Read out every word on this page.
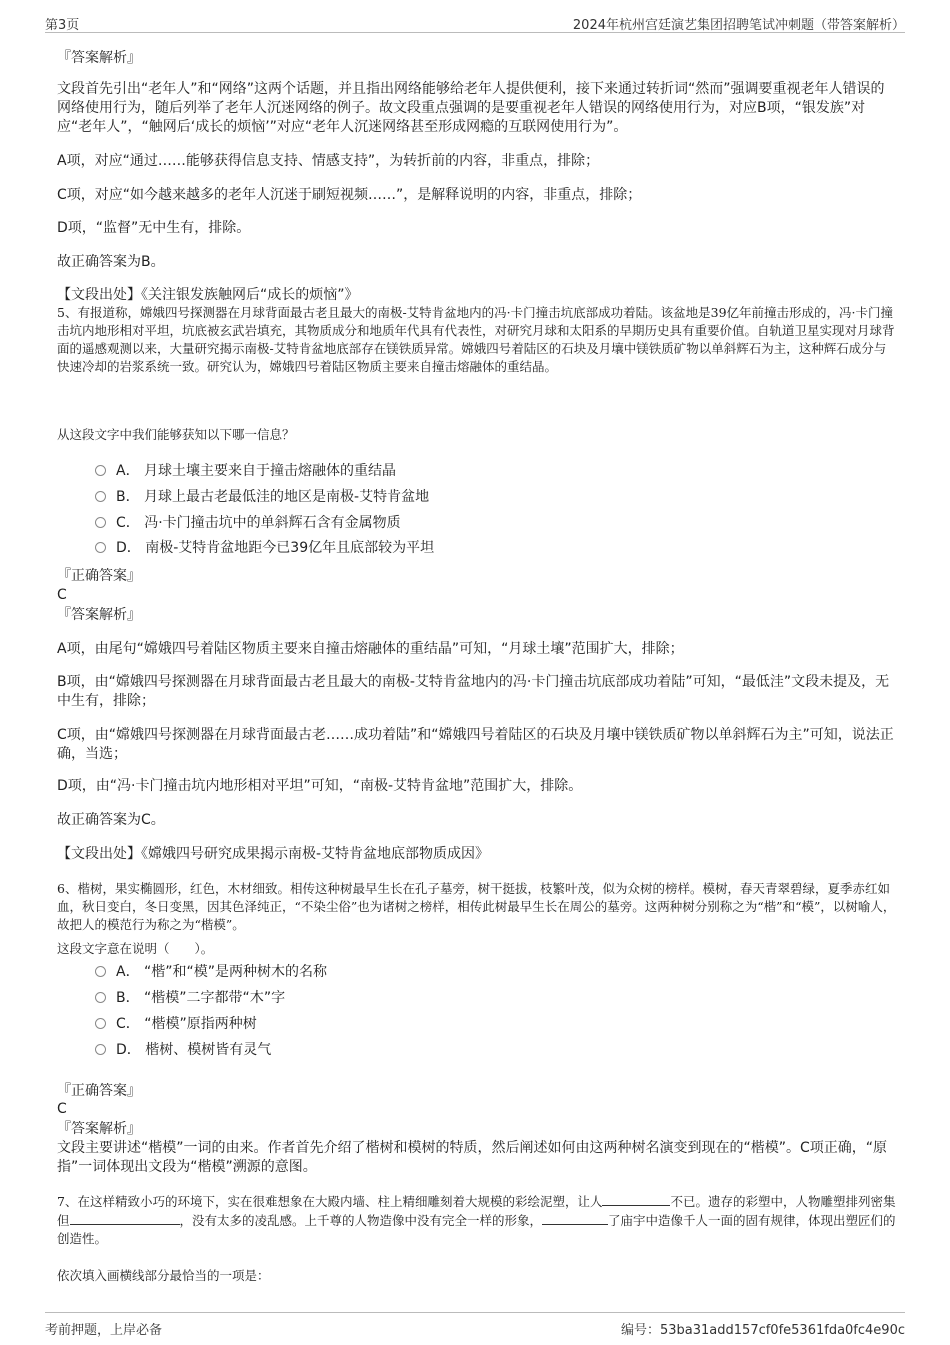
第3页	2024年杭州宫廷演艺集团招聘笔试冲刺题（带答案解析）

『答案解析』

文段首先引出“老年人”和“网络”这两个话题，并且指出网络能够给老年人提供便利，接下来通过转折词“然而”强调要重视老年人错误的网络使用行为，随后列举了老年人沉迷网络的例子。故文段重点强调的是要重视老年人错误的网络使用行为，对应B项，“银发族”对应“老年人”，“触网后‘成长的烦恼’”对应“老年人沉迷网络甚至形成网瘾的互联网使用行为”。

A项，对应“通过……能够获得信息支持、情感支持”，为转折前的内容，非重点，排除；

C项，对应“如今越来越多的老年人沉迷于刷短视频……”，是解释说明的内容，非重点，排除；

D项，“监督”无中生有，排除。

故正确答案为B。

【文段出处】《关注银发族触网后“成长的烦恼”》

5、有报道称，嫦娥四号探测器在月球背面最古老且最大的南极-艾特肯盆地内的冯·卡门撞击坑底部成功着陆。该盆地是39亿年前撞击形成的，冯·卡门撞击坑内地形相对平坦，坑底被玄武岩填充，其物质成分和地质年代具有代表性，对研究月球和太阳系的早期历史具有重要价值。自轨道卫星实现对月球背面的遥感观测以来，大量研究揭示南极-艾特肯盆地底部存在镁铁质异常。嫦娥四号着陆区的石块及月壤中镁铁质矿物以单斜辉石为主，这种辉石成分与快速冷却的岩浆系统一致。研究认为，嫦娥四号着陆区物质主要来自撞击熔融体的重结晶。

从这段文字中我们能够获知以下哪一信息？

A． 月球土壤主要来自于撞击熔融体的重结晶
B． 月球上最古老最低洼的地区是南极-艾特肯盆地
C． 冯·卡门撞击坑中的单斜辉石含有金属物质
D． 南极-艾特肯盆地距今已39亿年且底部较为平坦

『正确答案』

C

『答案解析』

A项，由尾句“嫦娥四号着陆区物质主要来自撞击熔融体的重结晶”可知，“月球土壤”范围扩大，排除；

B项，由“嫦娥四号探测器在月球背面最古老且最大的南极-艾特肯盆地内的冯·卡门撞击坑底部成功着陆”可知，“最低洼”文段未提及，无中生有，排除；

C项，由“嫦娥四号探测器在月球背面最古老……成功着陆”和“嫦娥四号着陆区的石块及月壤中镁铁质矿物以单斜辉石为主”可知，说法正确，当选；

D项，由“冯·卡门撞击坑内地形相对平坦”可知，“南极-艾特肯盆地”范围扩大，排除。

故正确答案为C。

【文段出处】《嫦娥四号研究成果揭示南极-艾特肯盆地底部物质成因》

6、楷树，果实椭圆形，红色，木材细致。相传这种树最早生长在孔子墓旁，树干挺拔，枝繁叶茂，似为众树的榜样。模树，春天青翠碧绿，夏季赤红如血，秋日变白，冬日变黑，因其色泽纯正，“不染尘俗”也为诸树之榜样，相传此树最早生长在周公的墓旁。这两种树分别称之为“楷”和“模”，以树喻人，故把人的模范行为称之为“楷模”。

这段文字意在说明（　　）。

A． “楷”和“模”是两种树木的名称
B． “楷模”二字都带“木”字
C． “楷模”原指两种树
D． 楷树、模树皆有灵气

『正确答案』

C

『答案解析』

文段主要讲述“楷模”一词的由来。作者首先介绍了楷树和模树的特质，然后阐述如何由这两种树名演变到现在的“楷模”。C项正确，“原指”一词体现出文段为“楷模”溯源的意图。

7、在这样精致小巧的环境下，实在很难想象在大殿内墙、柱上精细雕刻着大规模的彩绘泥塑，让人	不已。遗存的彩塑中，人物雕塑排列密集但	，没有太多的凌乱感。上千尊的人物造像中没有完全一样的形象，	了庙宇中造像千人一面的固有规律，体现出塑匠们的创造性。

依次填入画横线部分最恰当的一项是：

考前押题，上岸必备	编号：53ba31add157cf0fe5361fda0fc4e90c
